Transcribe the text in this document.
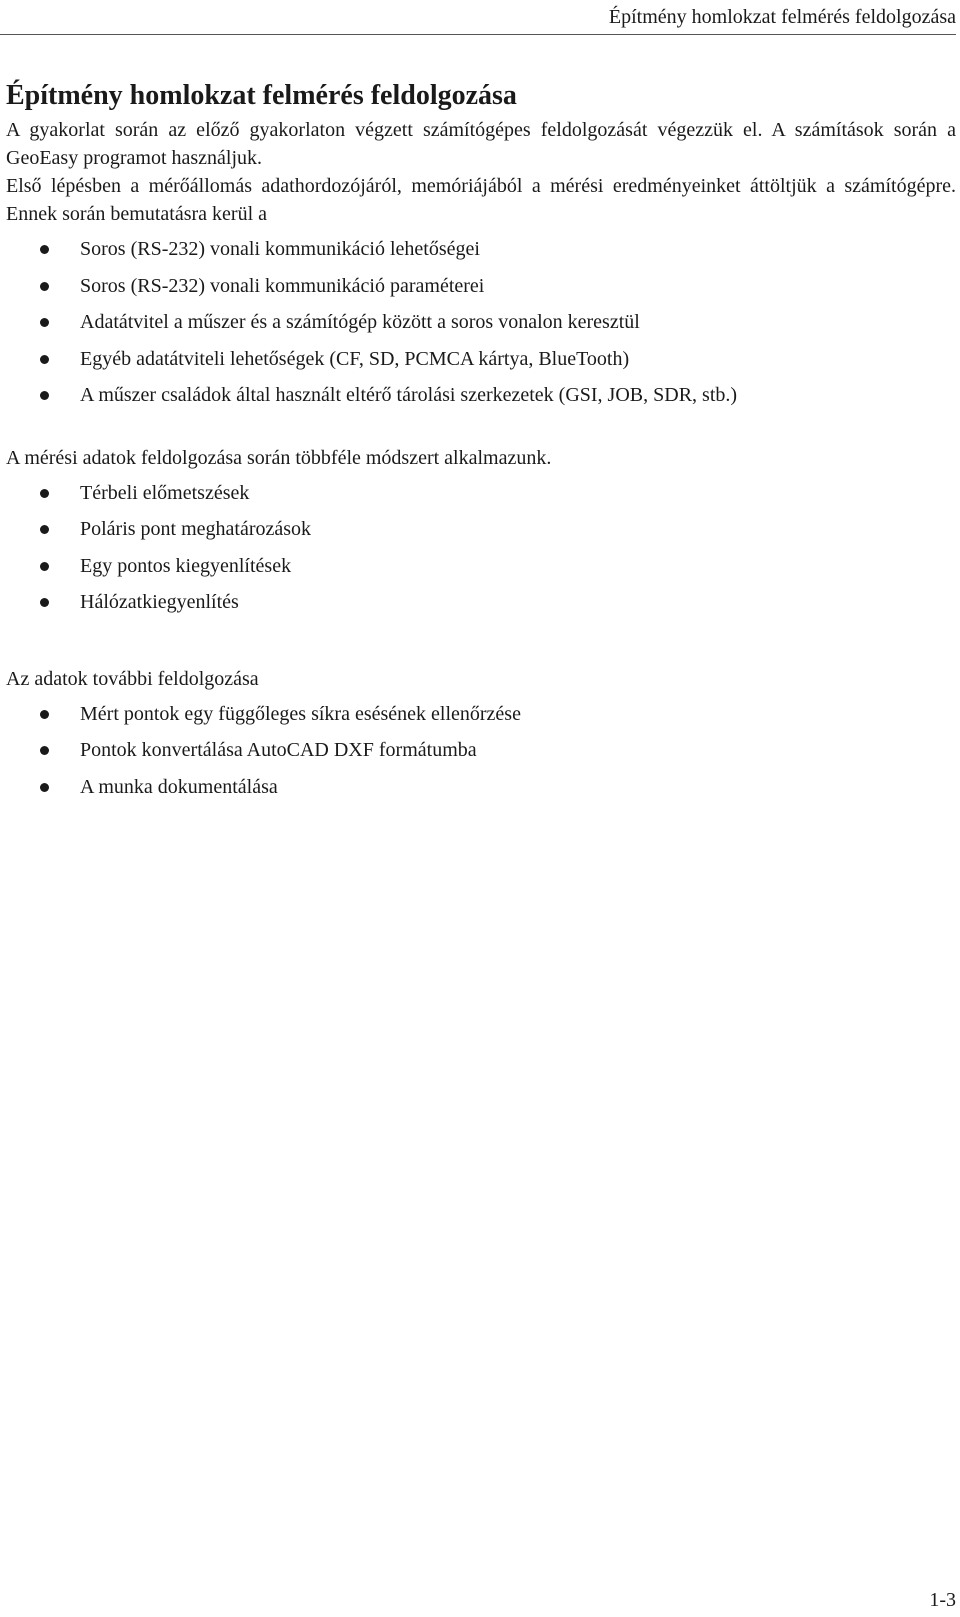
Építmény homlokzat felmérés feldolgozása
Építmény homlokzat felmérés feldolgozása

A gyakorlat során az előző gyakorlaton végzett számítógépes feldolgozását végezzük el. A számítások során a GeoEasy programot használjuk.

Első lépésben a mérőállomás adathordozójáról, memóriájából a mérési eredményeinket áttöltjük a számítógépre. Ennek során bemutatásra kerül a

Soros (RS-232) vonali kommunikáció lehetőségei
Soros (RS-232) vonali kommunikáció paraméterei
Adatátvitel a műszer és a számítógép között a soros vonalon keresztül
Egyéb adatátviteli lehetőségek (CF, SD, PCMCA kártya, BlueTooth)
A műszer családok által használt eltérő tárolási szerkezetek (GSI, JOB, SDR, stb.)

A mérési adatok feldolgozása során többféle módszert alkalmazunk.

Térbeli előmetszések
Poláris pont meghatározások
Egy pontos kiegyenlítések
Hálózatkiegyenlítés

Az adatok további feldolgozása

Mért pontok egy függőleges síkra esésének ellenőrzése
Pontok konvertálása AutoCAD DXF formátumba
A munka dokumentálása
1-3
